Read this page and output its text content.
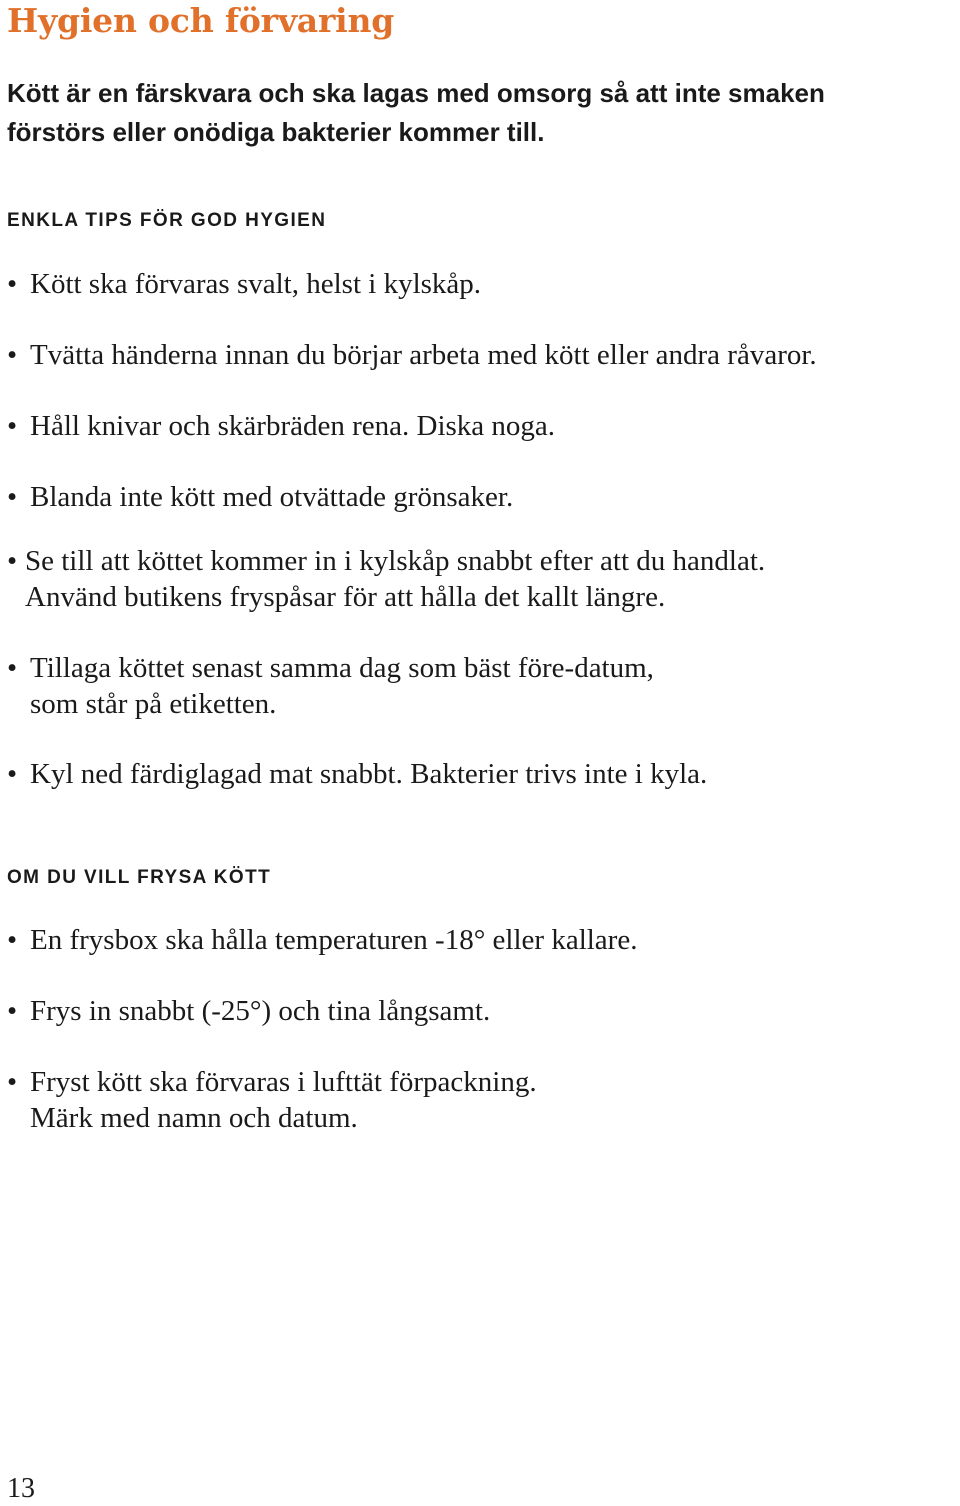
Hygien och förvaring
Kött är en färskvara och ska lagas med omsorg så att inte smaken
förstörs eller onödiga bakterier kommer till.
ENKLA TIPS FÖR GOD HYGIEN
• Kött ska förvaras svalt, helst i kylskåp.
• Tvätta händerna innan du börjar arbeta med kött eller andra råvaror.
• Håll knivar och skärbräden rena. Diska noga.
• Blanda inte kött med otvättade grönsaker.
• Se till att köttet kommer in i kylskåp snabbt efter att du handlat.
Använd butikens fryspåsar för att hålla det kallt längre.
• Tillaga köttet senast samma dag som bäst före-datum,
som står på etiketten.
• Kyl ned färdiglagad mat snabbt. Bakterier trivs inte i kyla.
OM DU VILL FRYSA KÖTT
• En frysbox ska hålla temperaturen -18° eller kallare.
• Frys in snabbt (-25°) och tina långsamt.
• Fryst kött ska förvaras i lufttät förpackning.
Märk med namn och datum.
13
